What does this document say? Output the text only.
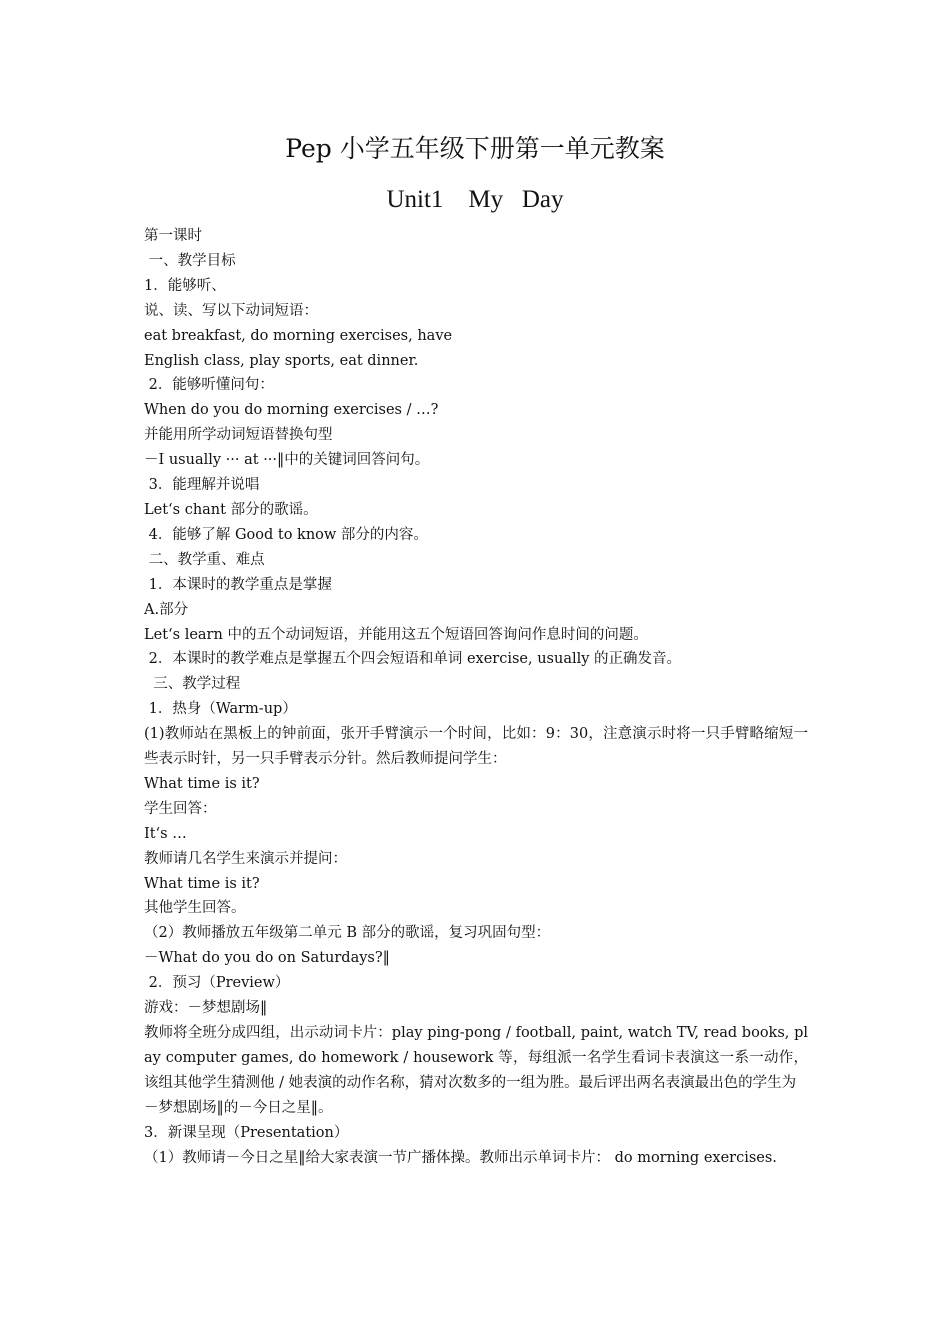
Pep 小学五年级下册第一单元教案
Unit1    My   Day
第一课时
一、教学目标
1．能够听、
说、读、写以下动词短语：
eat breakfast, do morning exercises, have
English class, play sports, eat dinner.
2．能够听懂问句：
When do you do morning exercises / …?
并能用所学动词短语替换句型
－I usually ··· at ···‖中的关键词回答问句。
3．能理解并说唱
Let‘s chant 部分的歌谣。
4．能够了解 Good to know 部分的内容。
二、教学重、难点
1．本课时的教学重点是掌握
A.部分
Let‘s learn 中的五个动词短语，并能用这五个短语回答询问作息时间的问题。
2．本课时的教学难点是掌握五个四会短语和单词 exercise, usually 的正确发音。
三、教学过程
1．热身（Warm-up）
(1)教师站在黑板上的钟前面，张开手臂演示一个时间，比如：9：30，注意演示时将一只手臂略缩短一些表示时针，另一只手臂表示分针。然后教师提问学生：
What time is it?
学生回答：
It‘s …
教师请几名学生来演示并提问：
What time is it?
其他学生回答。
（2）教师播放五年级第二单元 B 部分的歌谣，复习巩固句型：
－What do you do on Saturdays?‖
2．预习（Preview）
游戏：－梦想剧场‖
教师将全班分成四组，出示动词卡片：play ping-pong / football, paint, watch TV, read books, play computer games, do homework / housework 等，每组派一名学生看词卡表演这一系一动作，该组其他学生猜测他 / 她表演的动作名称，猜对次数多的一组为胜。最后评出两名表演最出色的学生为
－梦想剧场‖的－今日之星‖。
3．新课呈现（Presentation）
（1）教师请－今日之星‖给大家表演一节广播体操。教师出示单词卡片： do morning exercises.
